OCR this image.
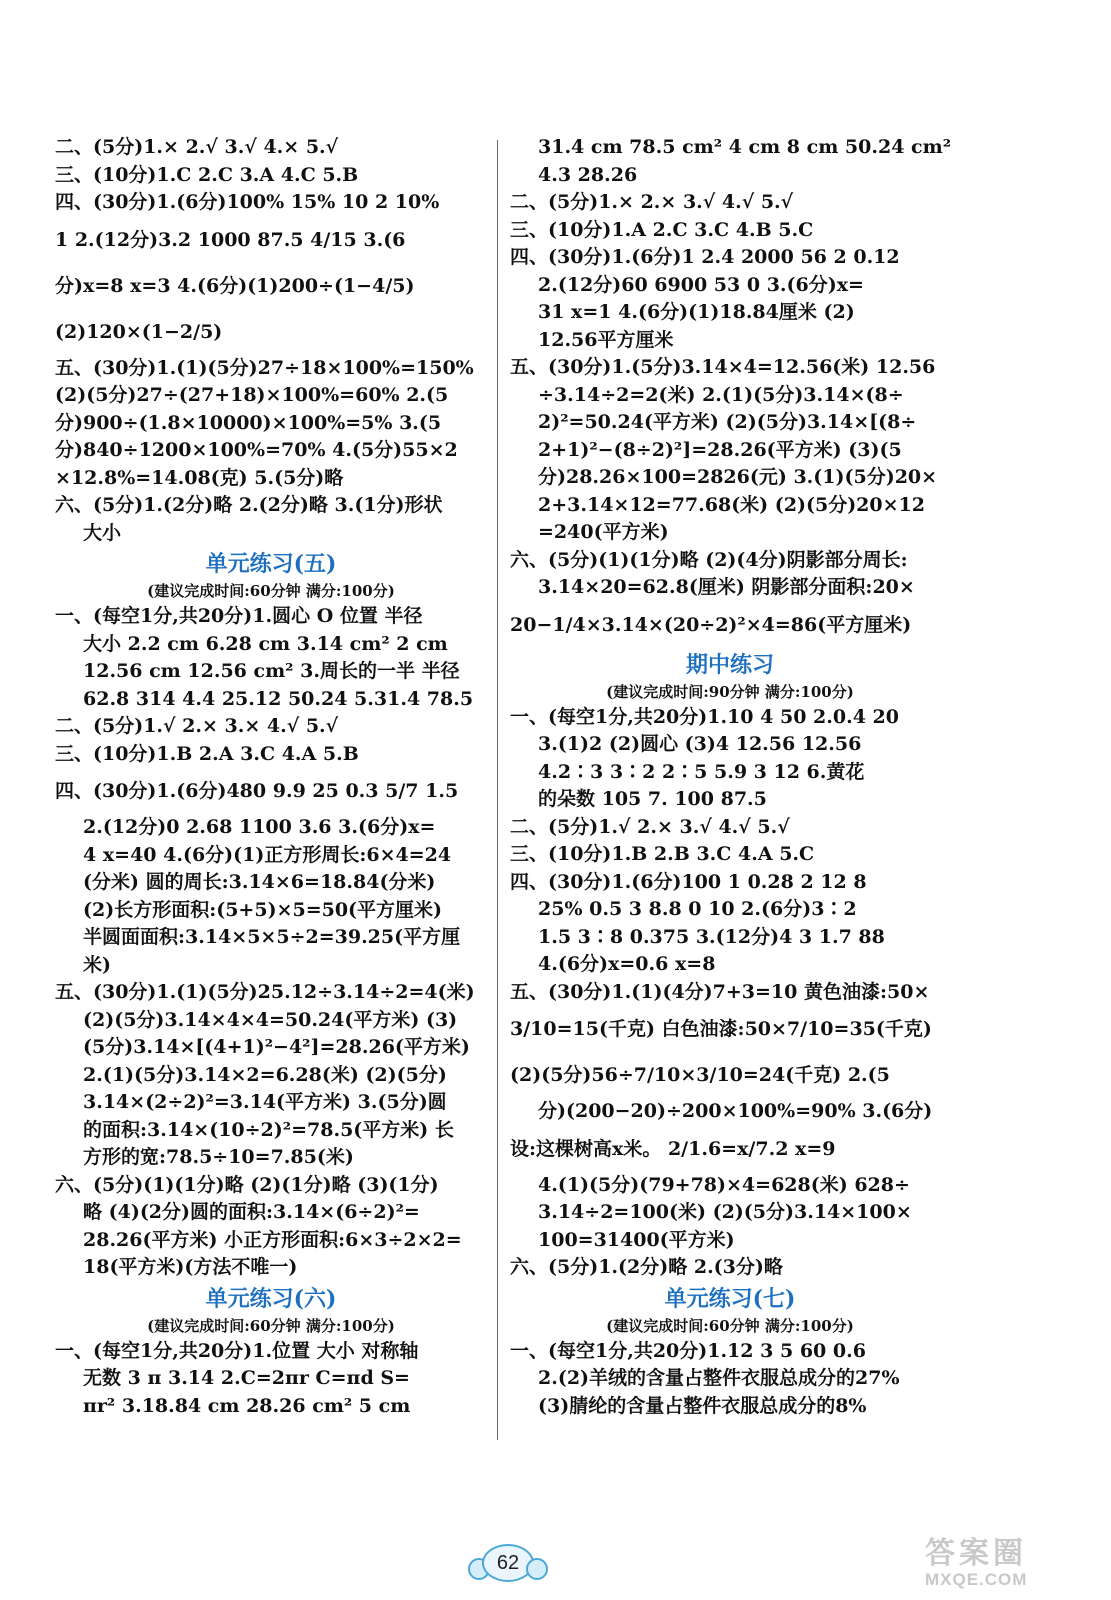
二、(5分)1.× 2.√ 3.√ 4.× 5.√
三、(10分)1.C 2.C 3.A 4.C 5.B
四、(30分)1.(6分)100% 15% 10 2 10%
1 2.(12分)3.2 1000 87.5 4/15 3.(6
分)x=8 x=3 4.(6分)(1)200÷(1−4/5)
(2)120×(1−2/5)
五、(30分)1.(1)(5分)27÷18×100%=150%
(2)(5分)27÷(27+18)×100%=60% 2.(5
分)900÷(1.8×10000)×100%=5% 3.(5
分)840÷1200×100%=70% 4.(5分)55×2
×12.8%=14.08(克) 5.(5分)略
六、(5分)1.(2分)略 2.(2分)略 3.(1分)形状
大小
单元练习(五)
(建议完成时间:60分钟 满分:100分)
一、(每空1分,共20分)1.圆心 O 位置 半径
大小 2.2 cm 6.28 cm 3.14 cm² 2 cm
12.56 cm 12.56 cm² 3.周长的一半 半径
62.8 314 4.4 25.12 50.24 5.31.4 78.5
二、(5分)1.√ 2.× 3.× 4.√ 5.√
三、(10分)1.B 2.A 3.C 4.A 5.B
四、(30分)1.(6分)480 9.9 25 0.3 5/7 1.5
2.(12分)0 2.68 1100 3.6 3.(6分)x=
4 x=40 4.(6分)(1)正方形周长:6×4=24
(分米) 圆的周长:3.14×6=18.84(分米)
(2)长方形面积:(5+5)×5=50(平方厘米)
半圆面面积:3.14×5×5÷2=39.25(平方厘
米)
五、(30分)1.(1)(5分)25.12÷3.14÷2=4(米)
(2)(5分)3.14×4×4=50.24(平方米) (3)
(5分)3.14×[(4+1)²−4²]=28.26(平方米)
2.(1)(5分)3.14×2=6.28(米) (2)(5分)
3.14×(2÷2)²=3.14(平方米) 3.(5分)圆
的面积:3.14×(10÷2)²=78.5(平方米) 长
方形的宽:78.5÷10=7.85(米)
六、(5分)(1)(1分)略 (2)(1分)略 (3)(1分)
略 (4)(2分)圆的面积:3.14×(6÷2)²=
28.26(平方米) 小正方形面积:6×3÷2×2=
18(平方米)(方法不唯一)
单元练习(六)
(建议完成时间:60分钟 满分:100分)
一、(每空1分,共20分)1.位置 大小 对称轴
无数 3 π 3.14 2.C=2πr C=πd S=
πr² 3.18.84 cm 28.26 cm² 5 cm
31.4 cm 78.5 cm² 4 cm 8 cm 50.24 cm²
4.3 28.26
二、(5分)1.× 2.× 3.√ 4.√ 5.√
三、(10分)1.A 2.C 3.C 4.B 5.C
四、(30分)1.(6分)1 2.4 2000 56 2 0.12
2.(12分)60 6900 53 0 3.(6分)x=
31 x=1 4.(6分)(1)18.84厘米 (2)
12.56平方厘米
五、(30分)1.(5分)3.14×4=12.56(米) 12.56
÷3.14÷2=2(米) 2.(1)(5分)3.14×(8÷
2)²=50.24(平方米) (2)(5分)3.14×[(8÷
2+1)²−(8÷2)²]=28.26(平方米) (3)(5
分)28.26×100=2826(元) 3.(1)(5分)20×
2+3.14×12=77.68(米) (2)(5分)20×12
=240(平方米)
六、(5分)(1)(1分)略 (2)(4分)阴影部分周长:
3.14×20=62.8(厘米) 阴影部分面积:20×
20−1/4×3.14×(20÷2)²×4=86(平方厘米)
期中练习
(建议完成时间:90分钟 满分:100分)
一、(每空1分,共20分)1.10 4 50 2.0.4 20
3.(1)2 (2)圆心 (3)4 12.56 12.56
4.2∶3 3∶2 2∶5 5.9 3 12 6.黄花
的朵数 105 7. 100 87.5
二、(5分)1.√ 2.× 3.√ 4.√ 5.√
三、(10分)1.B 2.B 3.C 4.A 5.C
四、(30分)1.(6分)100 1 0.28 2 12 8
25% 0.5 3 8.8 0 10 2.(6分)3∶2
1.5 3∶8 0.375 3.(12分)4 3 1.7 88
4.(6分)x=0.6 x=8
五、(30分)1.(1)(4分)7+3=10 黄色油漆:50×
3/10=15(千克) 白色油漆:50×7/10=35(千克)
(2)(5分)56÷7/10×3/10=24(千克) 2.(5
分)(200−20)÷200×100%=90% 3.(6分)
设:这棵树高x米。 2/1.6=x/7.2 x=9
4.(1)(5分)(79+78)×4=628(米) 628÷
3.14÷2=100(米) (2)(5分)3.14×100×
100=31400(平方米)
六、(5分)1.(2分)略 2.(3分)略
单元练习(七)
(建议完成时间:60分钟 满分:100分)
一、(每空1分,共20分)1.12 3 5 60 0.6
2.(2)羊绒的含量占整件衣服总成分的27%
(3)腈纶的含量占整件衣服总成分的8%
62	答案圈
MXQE.COM
